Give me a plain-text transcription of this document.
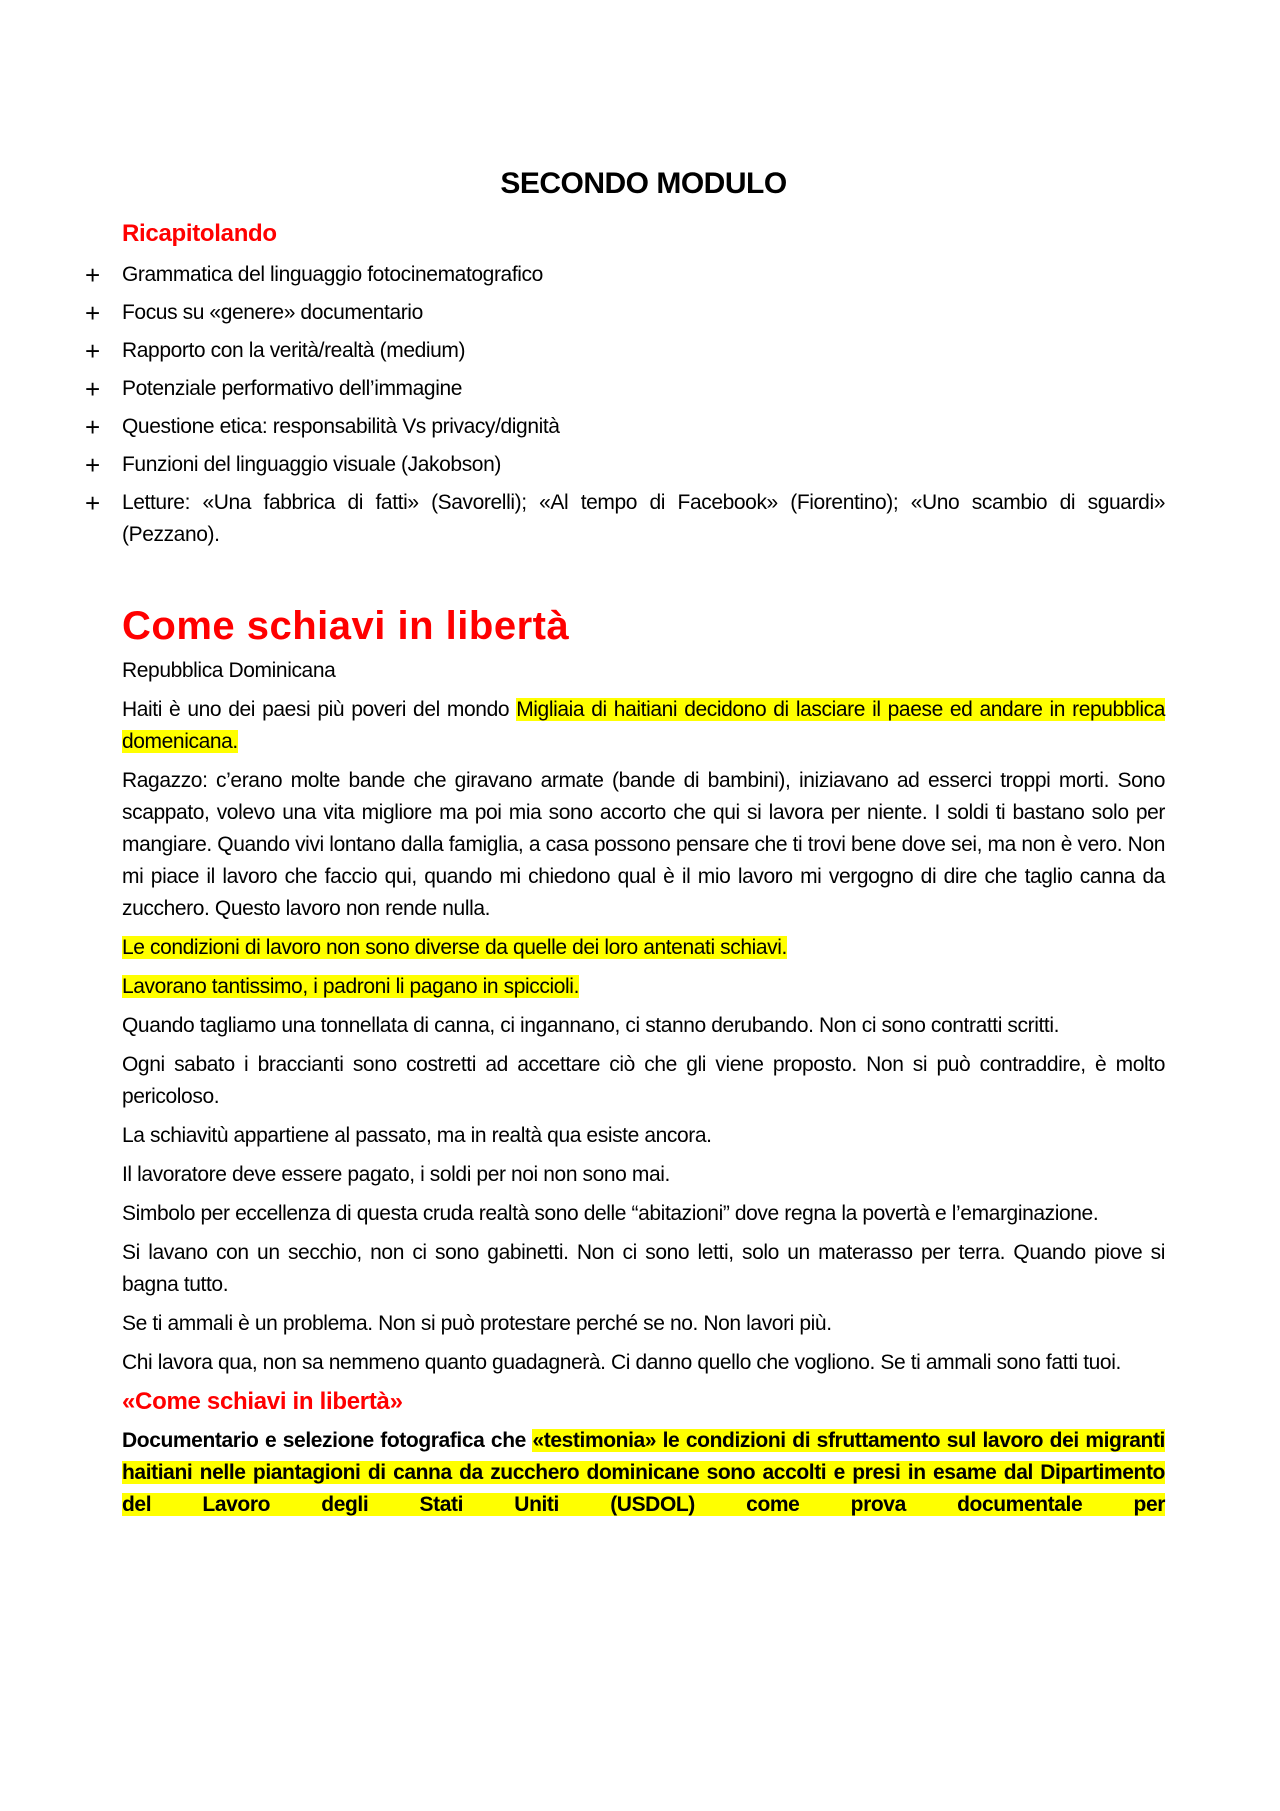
SECONDO MODULO
Ricapitolando
+ Grammatica del linguaggio fotocinematografico
+ Focus su «genere» documentario
+ Rapporto con la verità/realtà (medium)
+ Potenziale performativo dell’immagine
+ Questione etica: responsabilità Vs privacy/dignità
+ Funzioni del linguaggio visuale (Jakobson)
+ Letture: «Una fabbrica di fatti» (Savorelli); «Al tempo di Facebook» (Fiorentino); «Uno scambio di sguardi» (Pezzano).
Come schiavi in libertà

Repubblica Dominicana

Haiti è uno dei paesi più poveri del mondo Migliaia di haitiani decidono di lasciare il paese ed andare in repubblica domenicana.

Ragazzo: c’erano molte bande che giravano armate (bande di bambini), iniziavano ad esserci troppi morti. Sono scappato, volevo una vita migliore ma poi mia sono accorto che qui si lavora per niente. I soldi ti bastano solo per mangiare. Quando vivi lontano dalla famiglia, a casa possono pensare che ti trovi bene dove sei, ma non è vero. Non mi piace il lavoro che faccio qui, quando mi chiedono qual è il mio lavoro mi vergogno di dire che taglio canna da zucchero. Questo lavoro non rende nulla.

Le condizioni di lavoro non sono diverse da quelle dei loro antenati schiavi.

Lavorano tantissimo, i padroni li pagano in spiccioli.

Quando tagliamo una tonnellata di canna, ci ingannano, ci stanno derubando. Non ci sono contratti scritti.

Ogni sabato i braccianti sono costretti ad accettare ciò che gli viene proposto. Non si può contraddire, è molto pericoloso.

La schiavitù appartiene al passato, ma in realtà qua esiste ancora.

Il lavoratore deve essere pagato, i soldi per noi non sono mai.

Simbolo per eccellenza di questa cruda realtà sono delle “abitazioni” dove regna la povertà e l’emarginazione.

Si lavano con un secchio, non ci sono gabinetti. Non ci sono letti, solo un materasso per terra. Quando piove si bagna tutto.

Se ti ammali è un problema. Non si può protestare perché se no. Non lavori più.

Chi lavora qua, non sa nemmeno quanto guadagnerà. Ci danno quello che vogliono. Se ti ammali sono fatti tuoi.

«Come schiavi in libertà»

Documentario e selezione fotografica che «testimonia» le condizioni di sfruttamento sul lavoro dei migranti haitiani nelle piantagioni di canna da zucchero dominicane sono accolti e presi in esame dal Dipartimento del Lavoro degli Stati Uniti (USDOL) come prova documentale per
